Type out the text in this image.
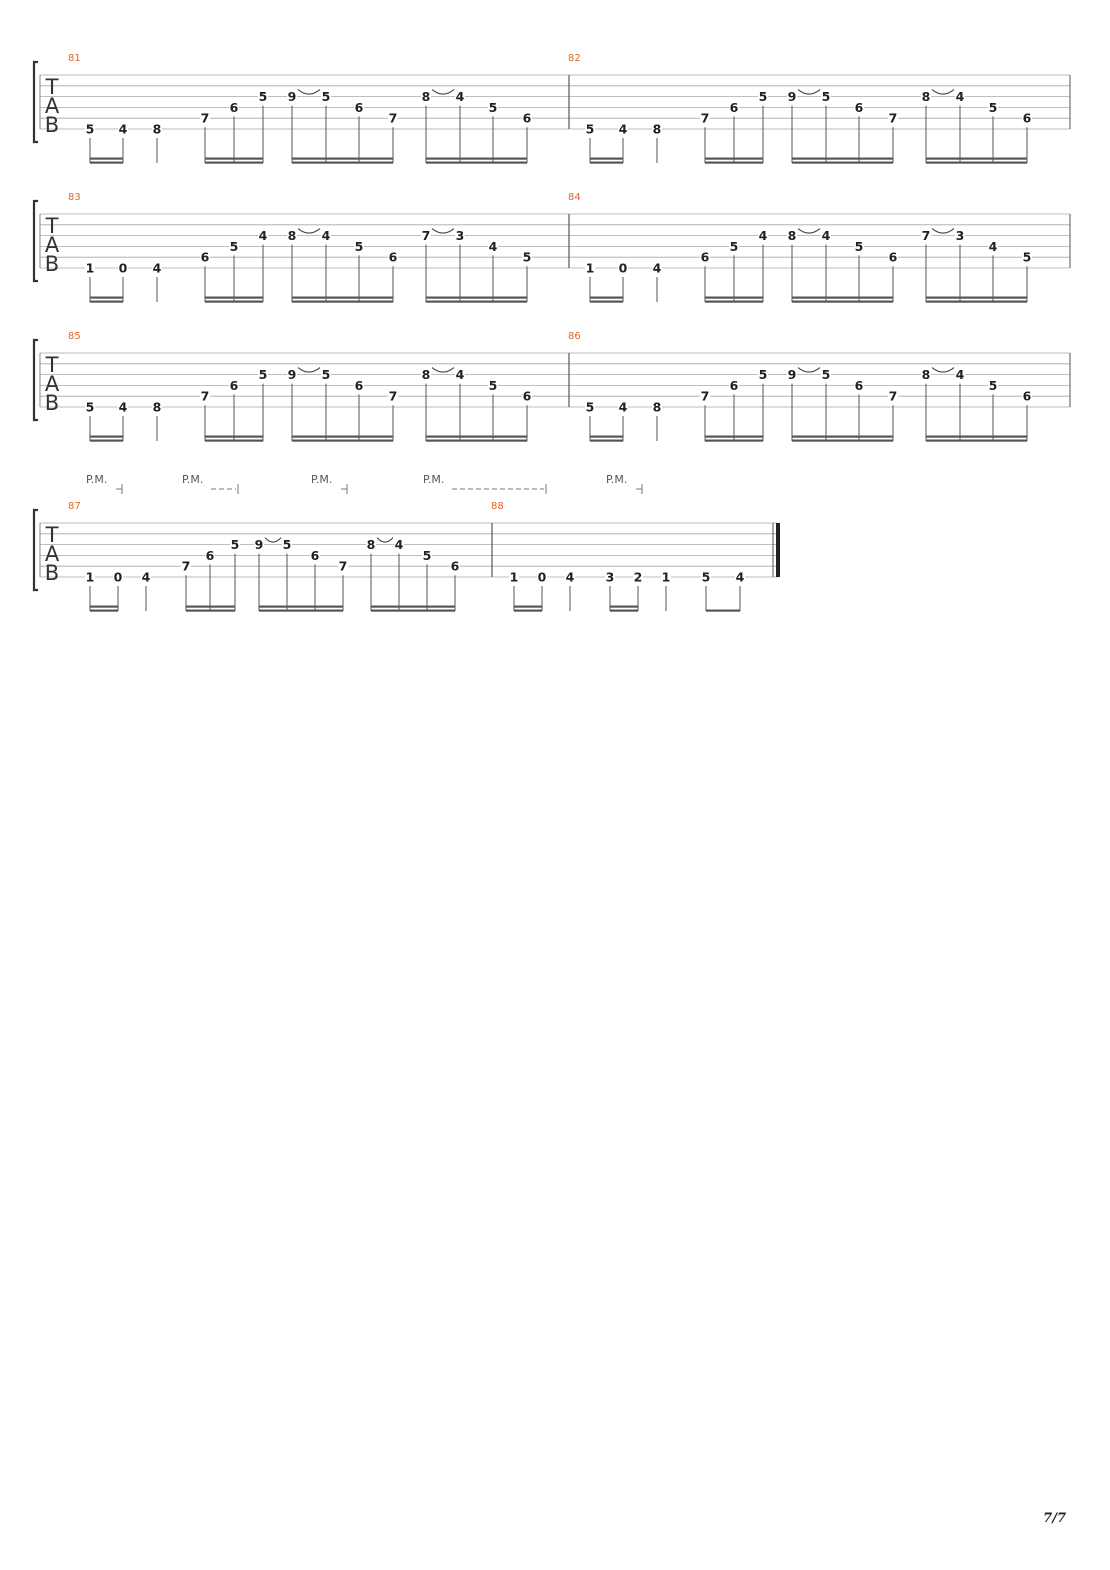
T
A
B
81
5 4 8
7
6
5 9 5
6
7
8 4
5
6
82
5 4 8
7
6
5 9 5
6
7
8 4
5
6
T
A
B
83
1 0 4
6
5
4 8 4
5
6
7 3
4
5
84
1 0 4
6
5
4 8 4
5
6
7 3
4
5
T
A
B
85
5 4 8
7
6
5 9 5
6
7
8 4
5
6
86
5 4 8
7
6
5 9 5
6
7
8 4
5
6
T
A
B
87
1 0 4
7
6
5 9 5
6
7
8 4
5
6
88
1 0 4	3 2 1	5 4
P.M.	P.M.	P.M.	P.M.	P.M.
7/7
